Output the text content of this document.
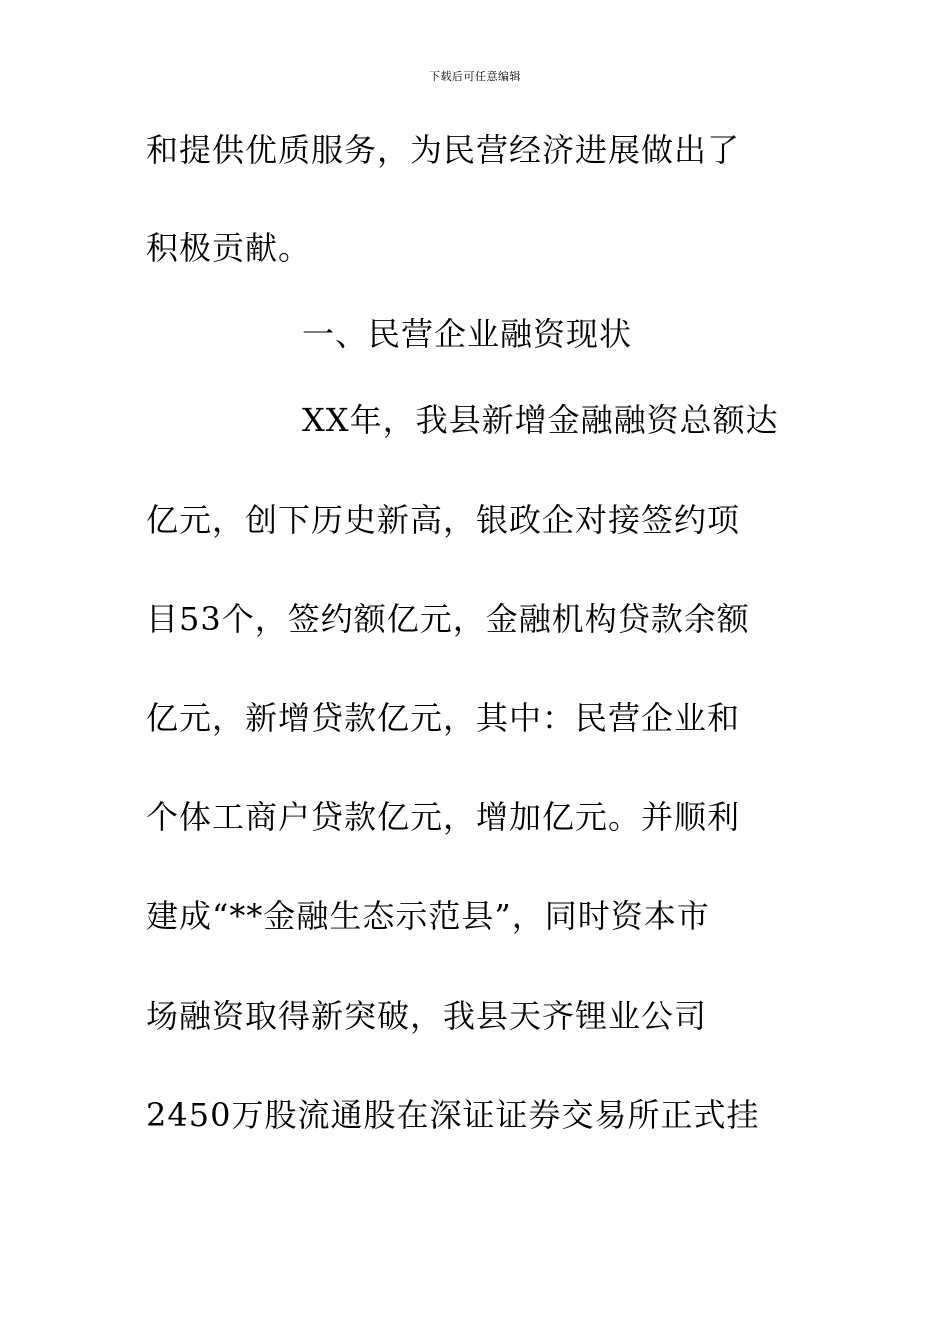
下载后可任意编辑
和提供优质服务，为民营经济进展做出了
积极贡献。
一、民营企业融资现状
XX年，我县新增金融融资总额达
亿元，创下历史新高，银政企对接签约项
目53个，签约额亿元，金融机构贷款余额
亿元，新增贷款亿元，其中：民营企业和
个体工商户贷款亿元，增加亿元。并顺利
建成“**金融生态示范县”，同时资本市
场融资取得新突破，我县天齐锂业公司
2450万股流通股在深证证券交易所正式挂
